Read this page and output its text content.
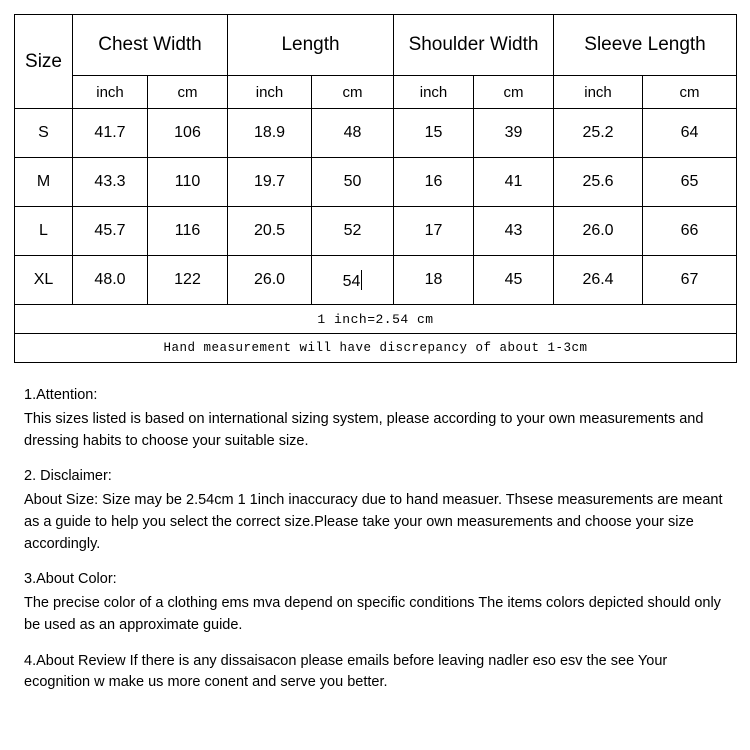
Size	Chest Width		Length		Shoulder Width		Sleeve Length	
	inch	cm	inch	cm	inch	cm	inch	cm
S	41.7	106	18.9	48	15	39	25.2	64
M	43.3	110	19.7	50	16	41	25.6	65
L	45.7	116	20.5	52	17	43	26.0	66
XL	48.0	122	26.0	54	18	45	26.4	67
1 inch=2.54 cm								
Hand measurement will have discrepancy of about 1-3cm								

1.Attention:

This sizes listed is based on international sizing system, please according to your own measurements and dressing habits to choose your suitable size.

2. Disclaimer:

About Size: Size may be 2.54cm 1 1inch inaccuracy due to hand measuer. Thsese measurements are meant as a guide to help you select the correct size.Please take your own measurements and choose your size accordingly.

3.About Color:

The precise color of a clothing ems mva depend on specific conditions The items colors depicted should only be used as an approximate guide.

4.About Review If there is any dissaisacon please emails before leaving nadler eso esv the see Your ecognition w make us more conent and serve you better.
